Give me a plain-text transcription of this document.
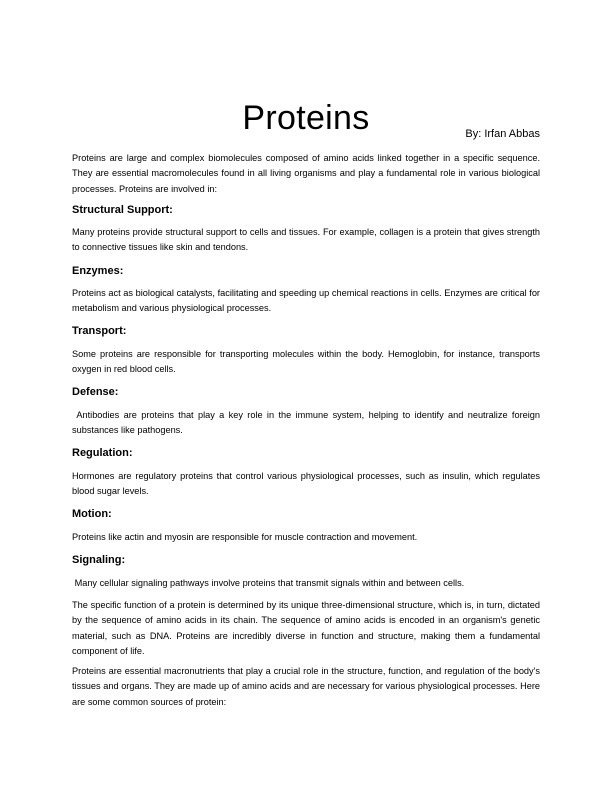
Proteins	By: Irfan Abbas

Proteins are large and complex biomolecules composed of amino acids linked together in a specific sequence. They are essential macromolecules found in all living organisms and play a fundamental role in various biological processes. Proteins are involved in:

Structural Support:

Many proteins provide structural support to cells and tissues. For example, collagen is a protein that gives strength to connective tissues like skin and tendons.

Enzymes:

Proteins act as biological catalysts, facilitating and speeding up chemical reactions in cells. Enzymes are critical for metabolism and various physiological processes.

Transport:

Some proteins are responsible for transporting molecules within the body. Hemoglobin, for instance, transports oxygen in red blood cells.

Defense:

Antibodies are proteins that play a key role in the immune system, helping to identify and neutralize foreign substances like pathogens.

Regulation:

Hormones are regulatory proteins that control various physiological processes, such as insulin, which regulates blood sugar levels.

Motion:

Proteins like actin and myosin are responsible for muscle contraction and movement.

Signaling:

Many cellular signaling pathways involve proteins that transmit signals within and between cells.

The specific function of a protein is determined by its unique three-dimensional structure, which is, in turn, dictated by the sequence of amino acids in its chain. The sequence of amino acids is encoded in an organism's genetic material, such as DNA. Proteins are incredibly diverse in function and structure, making them a fundamental component of life.

Proteins are essential macronutrients that play a crucial role in the structure, function, and regulation of the body's tissues and organs. They are made up of amino acids and are necessary for various physiological processes. Here are some common sources of protein:
